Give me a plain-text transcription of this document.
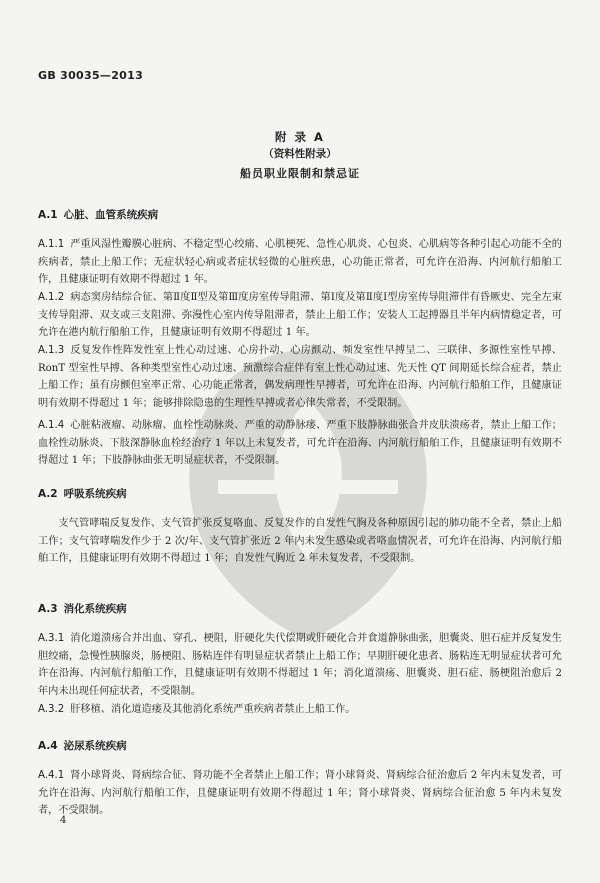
GB 30035—2013
附 录 A
（资料性附录）
船员职业限制和禁忌证
A.1 心脏、血管系统疾病
A.1.1 严重风湿性瓣膜心脏病、不稳定型心绞痛、心肌梗死、急性心肌炎、心包炎、心肌病等各种引起心功能不全的疾病者，禁止上船工作；无症状轻心病或者症状轻微的心脏疾患，心功能正常者，可允许在沿海、内河航行船舶工作，且健康证明有效期不得超过 1 年。
A.1.2 病态窦房结综合征、第Ⅱ度Ⅱ型及第Ⅲ度房室传导阻滞、第Ⅰ度及第Ⅱ度Ⅰ型房室传导阻滞伴有昏厥史、完全左束支传导阻滞、双支或三支阻滞、弥漫性心室内传导阻滞者，禁止上船工作；安装人工起搏器且半年内病情稳定者，可允许在港内航行船舶工作，且健康证明有效期不得超过 1 年。
A.1.3 反复发作性阵发性室上性心动过速、心房扑动、心房颤动、频发室性早搏呈二、三联律、多源性室性早搏、RonT 型室性早搏、各种类型室性心动过速、预激综合症伴有室上性心动过速、先天性 QT 间期延长综合症者，禁止上船工作；虽有房颤但室率正常、心功能正常者，偶发病理性早搏者，可允许在沿海、内河航行船舶工作，且健康证明有效期不得超过 1 年；能够排除隐患的生理性早搏或者心律失常者，不受限制。
A.1.4 心脏粘液瘤、动脉瘤、血栓性动脉炎、严重的动静脉瘘、严重下肢静脉曲张合并皮肤溃疡者，禁止上船工作；血栓性动脉炎、下肢深静脉血栓经治疗 1 年以上未复发者，可允许在沿海、内河航行船舶工作，且健康证明有效期不得超过 1 年；下肢静脉曲张无明显症状者，不受限制。
A.2 呼吸系统疾病
支气管哮喘反复发作、支气管扩张反复咯血、反复发作的自发性气胸及各种原因引起的肺功能不全者，禁止上船工作；支气管哮喘发作少于 2 次/年、支气管扩张近 2 年内未发生感染或者咯血情况者，可允许在沿海、内河航行船舶工作，且健康证明有效期不得超过 1 年；自发性气胸近 2 年未复发者，不受限制。
A.3 消化系统疾病
A.3.1 消化道溃疡合并出血、穿孔、梗阻，肝硬化失代偿期或肝硬化合并食道静脉曲张，胆囊炎、胆石症并反复发生胆绞痛，急慢性胰腺炎，肠梗阻、肠粘连伴有明显症状者禁止上船工作；早期肝硬化患者、肠粘连无明显症状者可允许在沿海、内河航行船舶工作，且健康证明有效期不得超过 1 年；消化道溃疡、胆囊炎、胆石症、肠梗阻治愈后 2 年内未出现任何症状者，不受限制。
A.3.2 肝移植、消化道造瘘及其他消化系统严重疾病者禁止上船工作。
A.4 泌尿系统疾病
A.4.1 肾小球肾炎、肾病综合征、肾功能不全者禁止上船工作；肾小球肾炎、肾病综合征治愈后 2 年内未复发者，可允许在沿海、内河航行船舶工作，且健康证明有效期不得超过 1 年；肾小球肾炎、肾病综合征治愈 5 年内未复发者，不受限制。
4
